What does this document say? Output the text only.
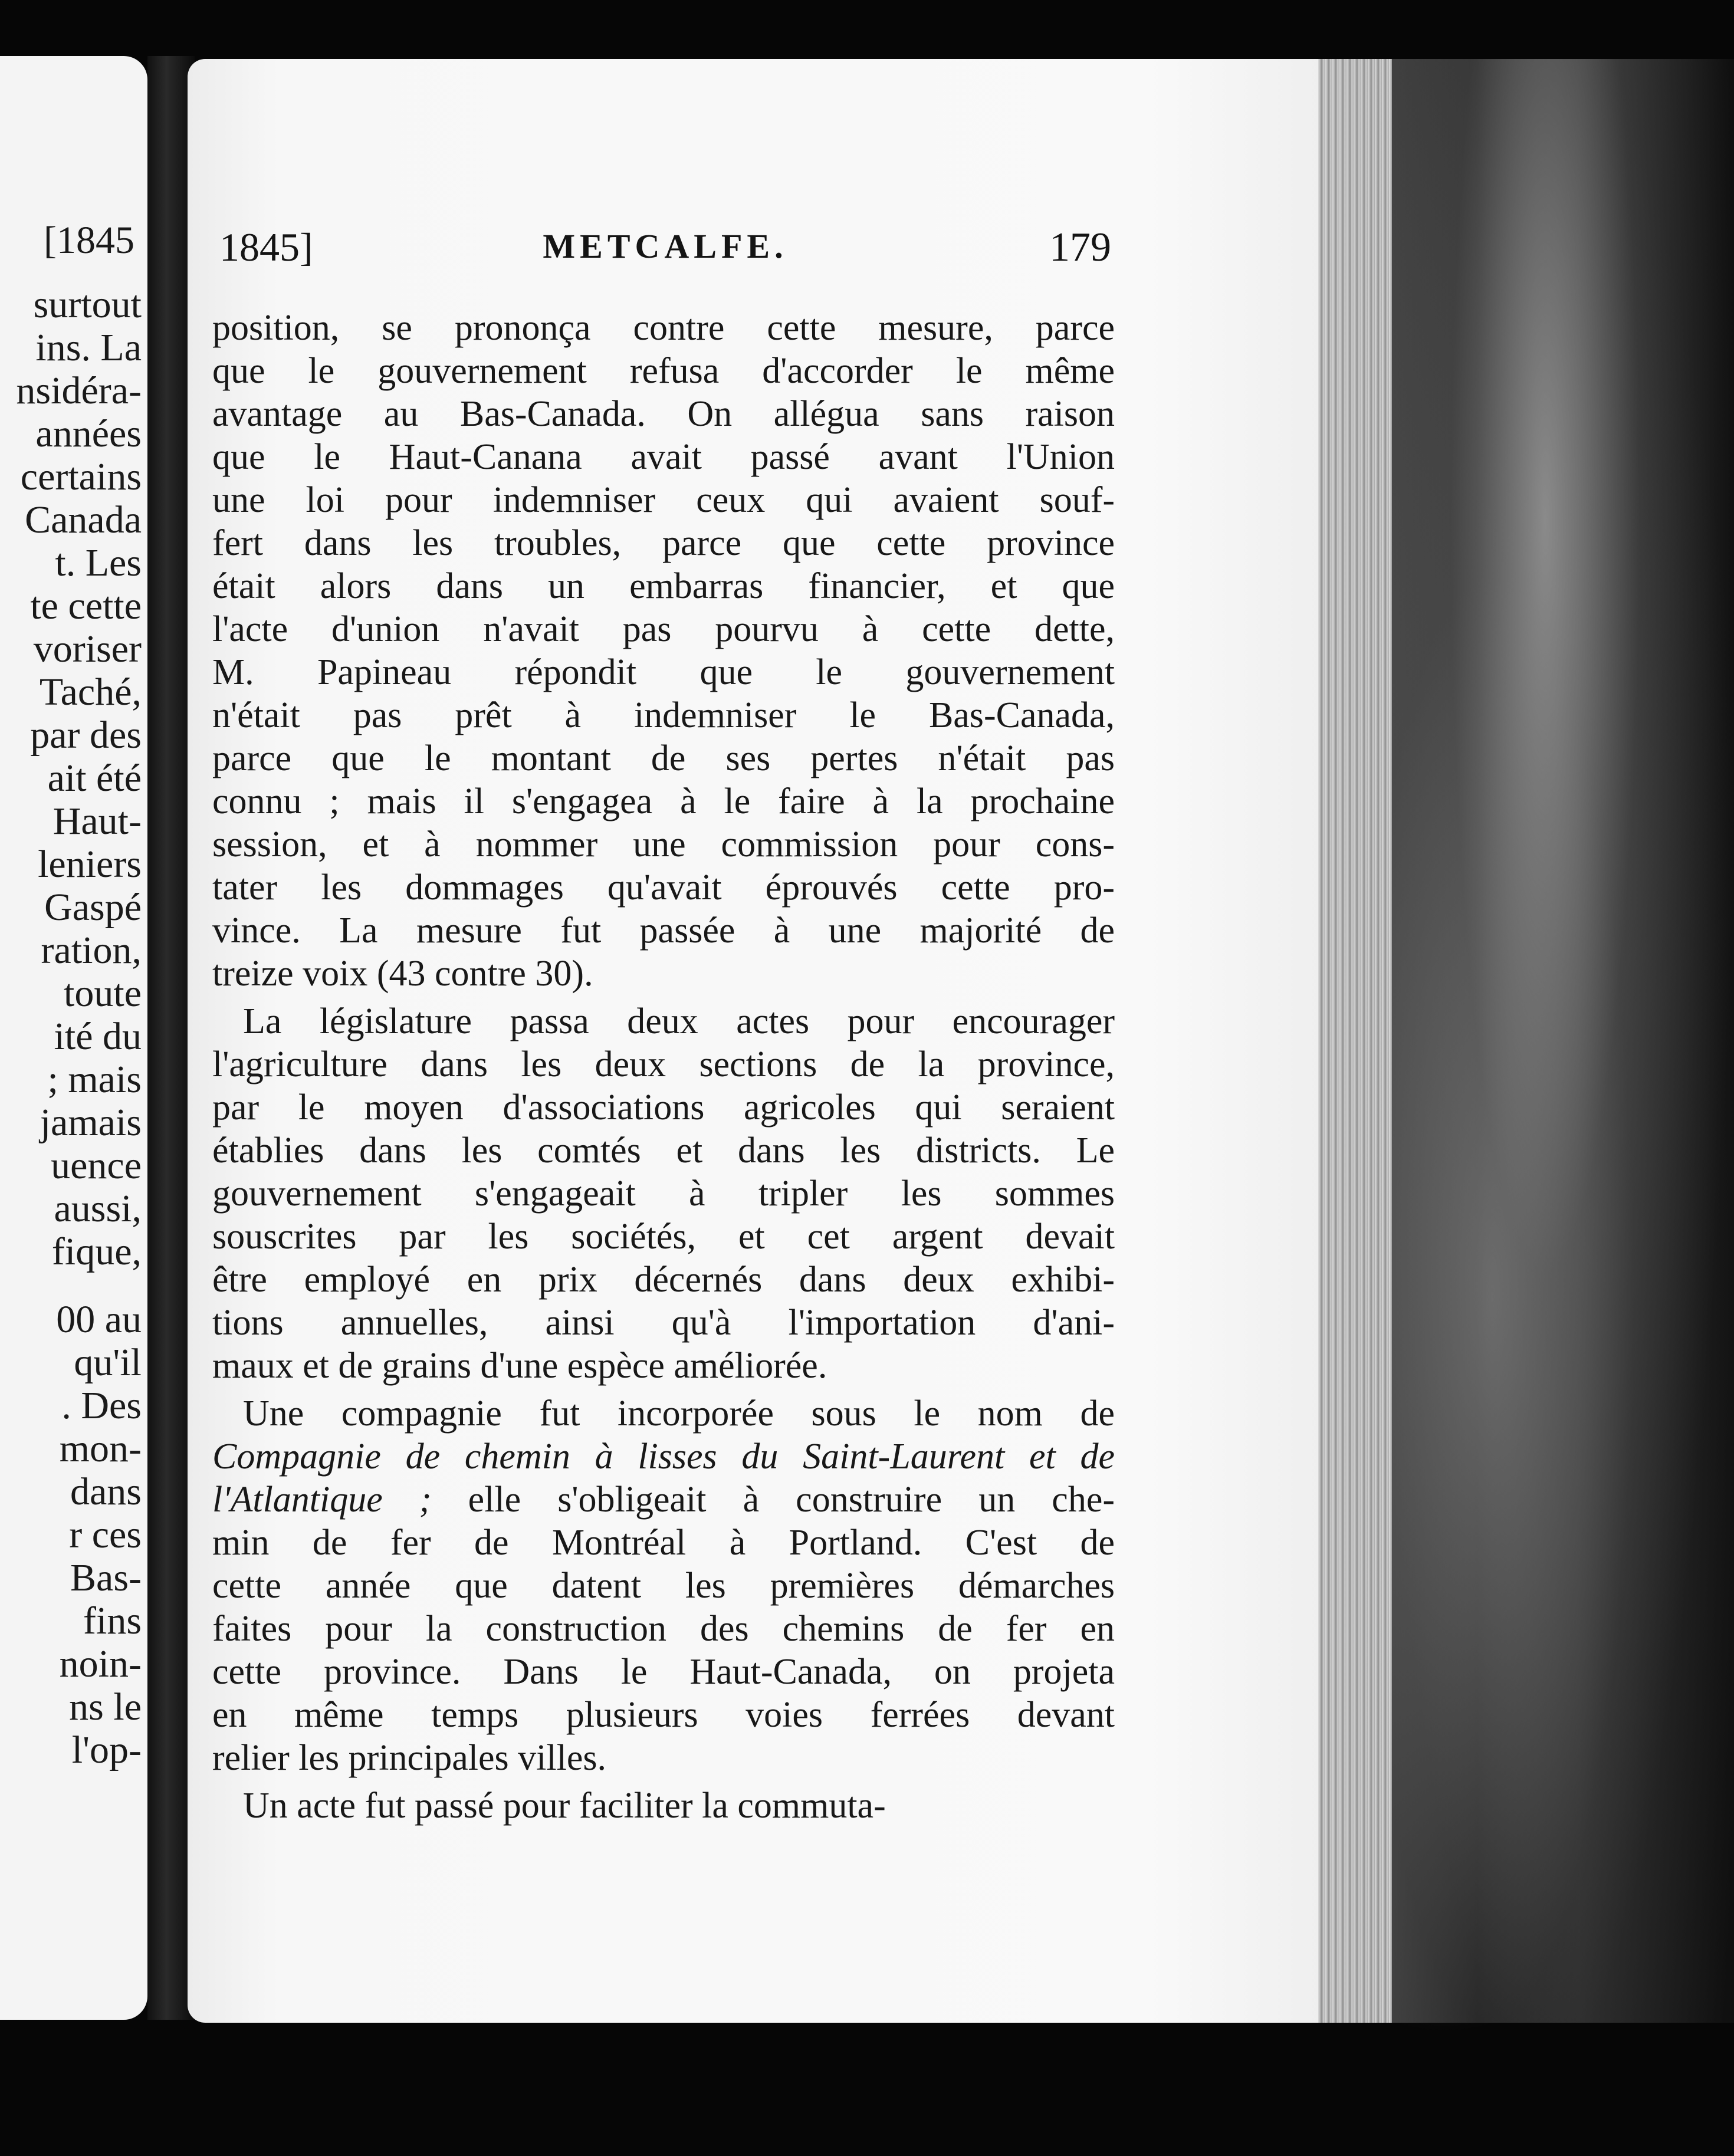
[1845
surtout
ins. La
nsidéra-
années
certains
Canada
t. Les
te cette
voriser
Taché,
par des
ait été
Haut-
leniers
Gaspé
ration,
toute
ité du
; mais
jamais
uence
aussi,
fique,
00 au
qu'il
. Des
mon-
dans
r ces
Bas-
fins
noin-
ns le
l'op-
1845]	METCALFE.	179
position, se prononça contre cette mesure, parce
que le gouvernement refusa d'accorder le même
avantage au Bas-Canada. On allégua sans raison
que le Haut-Canana avait passé avant l'Union
une loi pour indemniser ceux qui avaient souf-
fert dans les troubles, parce que cette province
était alors dans un embarras financier, et que
l'acte d'union n'avait pas pourvu à cette dette,
M. Papineau répondit que le gouvernement
n'était pas prêt à indemniser le Bas-Canada,
parce que le montant de ses pertes n'était pas
connu ; mais il s'engagea à le faire à la prochaine
session, et à nommer une commission pour cons-
tater les dommages qu'avait éprouvés cette pro-
vince. La mesure fut passée à une majorité de
treize voix (43 contre 30).
La législature passa deux actes pour encourager
l'agriculture dans les deux sections de la province,
par le moyen d'associations agricoles qui seraient
établies dans les comtés et dans les districts. Le
gouvernement s'engageait à tripler les sommes
souscrites par les sociétés, et cet argent devait
être employé en prix décernés dans deux exhibi-
tions annuelles, ainsi qu'à l'importation d'ani-
maux et de grains d'une espèce améliorée.
Une compagnie fut incorporée sous le nom de
Compagnie de chemin à lisses du Saint-Laurent et de
l'Atlantique ; elle s'obligeait à construire un che-
min de fer de Montréal à Portland. C'est de
cette année que datent les premières démarches
faites pour la construction des chemins de fer en
cette province. Dans le Haut-Canada, on projeta
en même temps plusieurs voies ferrées devant
relier les principales villes.
Un acte fut passé pour faciliter la commuta-
